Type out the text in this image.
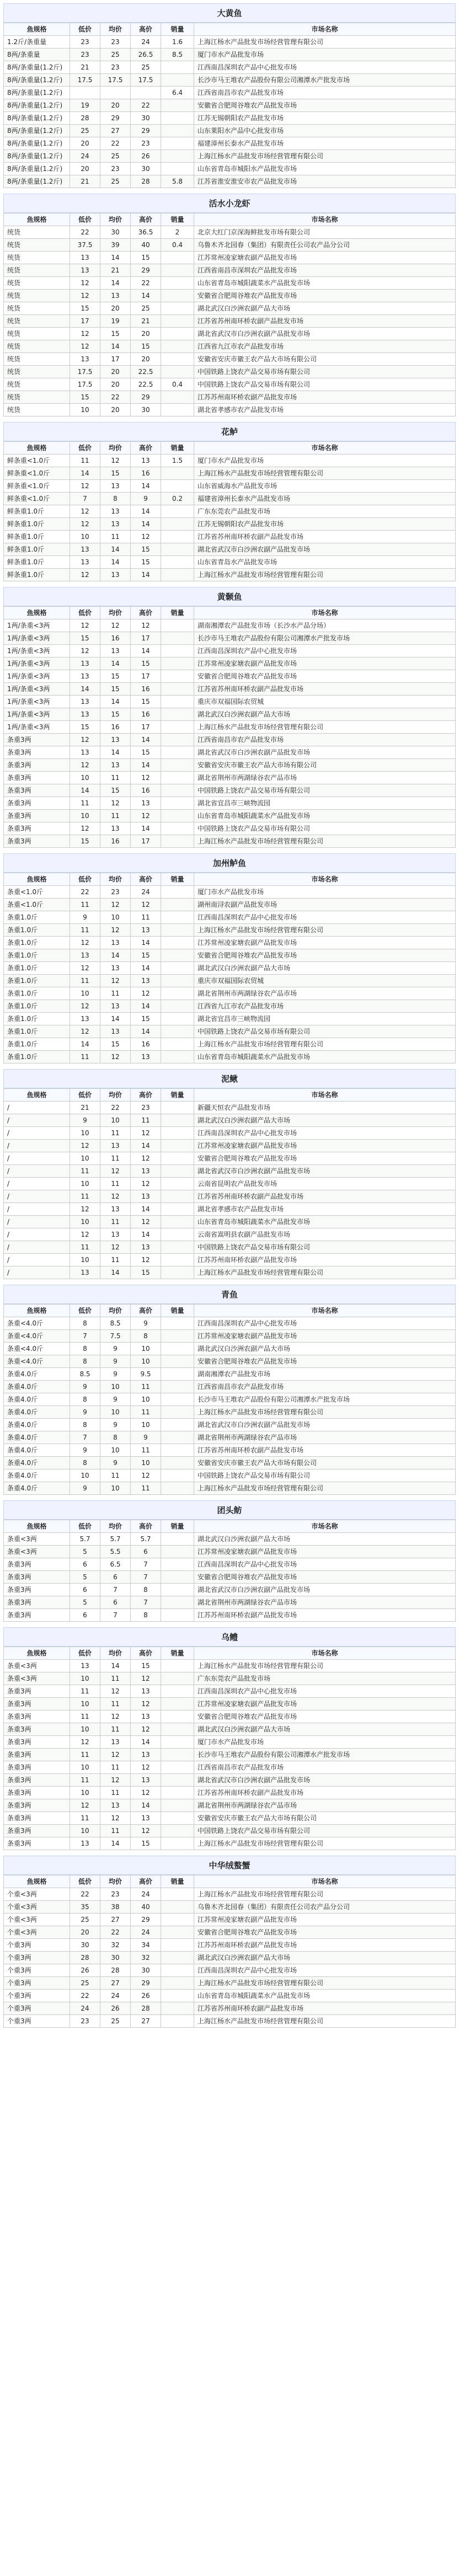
大黄鱼
鱼规格	低价	均价	高价	销量	市场名称
1.2斤/条重量	23	23	24	1.6	上海江杨水产品批发市场经营管理有限公司
8两/条重量	23	25	26.5	8.5	厦门市水产品批发市场
8两/条重量(1.2斤)	21	23	25		江西南昌深圳农产品中心批发市场
8两/条重量(1.2斤)	17.5	17.5	17.5		长沙市马王堆农产品股份有限公司湘潭水产批发市场
8两/条重量(1.2斤)				6.4	江西省南昌市农产品批发市场
8两/条重量(1.2斤)	19	20	22		安徽省合肥周谷堆农产品批发市场
8两/条重量(1.2斤)	28	29	30		江苏无锡朝阳农产品批发市场
8两/条重量(1.2斤)	25	27	29		山东莱阳水产品中心批发市场
8两/条重量(1.2斤)	20	22	23		福建漳州长泰水产品批发市场
8两/条重量(1.2斤)	24	25	26		上海江杨水产品批发市场经营管理有限公司
8两/条重量(1.2斤)	20	23	30		山东省青岛市城阳水产品批发市场
8两/条重量(1.2斤)	21	25	28	5.8	江苏省淮安淮安市农产品批发市场
活水小龙虾
鱼规格	低价	均价	高价	销量	市场名称
统货	22	30	36.5	2	北京大红门京深海鲜批发市场有限公司
统货	37.5	39	40	0.4	乌鲁木齐北园春（集团）有限责任公司农产品分公司
统货	13	14	15		江苏常州凌家塘农副产品批发市场
统货	13	21	29		江西省南昌市深圳农产品批发市场
统货	12	14	22		山东省青岛市城阳蔬菜水产品批发市场
统货	12	13	14		安徽省合肥周谷堆农产品批发市场
统货	15	20	25		湖北武汉白沙洲农副产品大市场
统货	17	19	21		江苏省苏州南环桥农副产品批发市场
统货	12	15	20		湖北省武汉市白沙洲农副产品批发市场
统货	12	14	15		江西省九江市农产品批发市场
统货	13	17	20		安徽省安庆市徽王农产品大市场有限公司
统货	17.5	20	22.5		中国铁路上饶农产品交易市场有限公司
统货	17.5	20	22.5	0.4	中国铁路上饶农产品交易市场有限公司
统货	15	22	29		江苏苏州南环桥农副产品批发市场
统货	10	20	30		湖北省孝感市农产品批发市场
花鲈
鱼规格	低价	均价	高价	销量	市场名称
鲜条重<1.0斤	11	12	13	1.5	厦门市水产品批发市场
鲜条重<1.0斤	14	15	16		上海江杨水产品批发市场经营管理有限公司
鲜条重<1.0斤	12	13	14		山东省威海水产品批发市场
鲜条重<1.0斤	7	8	9	0.2	福建省漳州长泰水产品批发市场
鲜条重1.0斤	12	13	14		广东东莞农产品批发市场
鲜条重1.0斤	12	13	14		江苏无锡朝阳农产品批发市场
鲜条重1.0斤	10	11	12		江苏省苏州南环桥农副产品批发市场
鲜条重1.0斤	13	14	15		湖北省武汉市白沙洲农副产品批发市场
鲜条重1.0斤	13	14	15		山东省青岛水产品批发市场
鲜条重1.0斤	12	13	14		上海江杨水产品批发市场经营管理有限公司
黄颡鱼
鱼规格	低价	均价	高价	销量	市场名称
1两/条重<3两	12	12	12		湖南湘潭农产品批发市场（长沙水产品分场）
1两/条重<3两	15	16	17		长沙市马王堆农产品股份有限公司湘潭水产批发市场
1两/条重<3两	12	13	14		江西南昌深圳农产品中心批发市场
1两/条重<3两	13	14	15		江苏常州凌家塘农副产品批发市场
1两/条重<3两	13	15	17		安徽省合肥周谷堆农产品批发市场
1两/条重<3两	14	15	16		江苏省苏州南环桥农副产品批发市场
1两/条重<3两	13	14	15		重庆市双福国际农贸城
1两/条重<3两	13	15	16		湖北武汉白沙洲农副产品大市场
1两/条重<3两	15	16	17		上海江杨水产品批发市场经营管理有限公司
条重3两	12	13	14		江西省南昌市农产品批发市场
条重3两	13	14	15		湖北省武汉市白沙洲农副产品批发市场
条重3两	12	13	14		安徽省安庆市徽王农产品大市场有限公司
条重3两	10	11	12		湖北省荆州市两湖绿谷农产品市场
条重3两	14	15	16		中国铁路上饶农产品交易市场有限公司
条重3两	11	12	13		湖北省宜昌市三峡物流园
条重3两	10	11	12		山东省青岛市城阳蔬菜水产品批发市场
条重3两	12	13	14		中国铁路上饶农产品交易市场有限公司
条重3两	15	16	17		上海江杨水产品批发市场经营管理有限公司
加州鲈鱼
鱼规格	低价	均价	高价	销量	市场名称
条重<1.0斤	22	23	24		厦门市水产品批发市场
条重<1.0斤	11	12	12		湖州南浔农副产品批发市场
条重1.0斤	9	10	11		江西南昌深圳农产品中心批发市场
条重1.0斤	11	12	13		上海江杨水产品批发市场经营管理有限公司
条重1.0斤	12	13	14		江苏常州凌家塘农副产品批发市场
条重1.0斤	13	14	15		安徽省合肥周谷堆农产品批发市场
条重1.0斤	12	13	14		湖北武汉白沙洲农副产品大市场
条重1.0斤	11	12	13		重庆市双福国际农贸城
条重1.0斤	10	11	12		湖北省荆州市两湖绿谷农产品市场
条重1.0斤	12	13	14		江西省九江市农产品批发市场
条重1.0斤	13	14	15		湖北省宜昌市三峡物流园
条重1.0斤	12	13	14		中国铁路上饶农产品交易市场有限公司
条重1.0斤	14	15	16		上海江杨水产品批发市场经营管理有限公司
条重1.0斤	11	12	13		山东省青岛市城阳蔬菜水产品批发市场
泥鳅
鱼规格	低价	均价	高价	销量	市场名称
/	21	22	23		新疆天恒农产品批发市场
/	9	10	11		湖北武汉白沙洲农副产品大市场
/	10	11	12		江西南昌深圳农产品中心批发市场
/	12	13	14		江苏常州凌家塘农副产品批发市场
/	10	11	12		安徽省合肥周谷堆农产品批发市场
/	11	12	13		湖北省武汉市白沙洲农副产品批发市场
/	10	11	12		云南省昆明农产品批发市场
/	11	12	13		江苏省苏州南环桥农副产品批发市场
/	12	13	14		湖北省孝感市农产品批发市场
/	10	11	12		山东省青岛市城阳蔬菜水产品批发市场
/	12	13	14		云南省嵩明县农副产品批发市场
/	11	12	13		中国铁路上饶农产品交易市场有限公司
/	10	11	12		江苏苏州南环桥农副产品批发市场
/	13	14	15		上海江杨水产品批发市场经营管理有限公司
青鱼
鱼规格	低价	均价	高价	销量	市场名称
条重<4.0斤	8	8.5	9		江西南昌深圳农产品中心批发市场
条重<4.0斤	7	7.5	8		江苏常州凌家塘农副产品批发市场
条重<4.0斤	8	9	10		湖北武汉白沙洲农副产品大市场
条重<4.0斤	8	9	10		安徽省合肥周谷堆农产品批发市场
条重4.0斤	8.5	9	9.5		湖南湘潭农产品批发市场
条重4.0斤	9	10	11		江西省南昌市农产品批发市场
条重4.0斤	8	9	10		长沙市马王堆农产品股份有限公司湘潭水产批发市场
条重4.0斤	9	10	11		上海江杨水产品批发市场经营管理有限公司
条重4.0斤	8	9	10		湖北省武汉市白沙洲农副产品批发市场
条重4.0斤	7	8	9		湖北省荆州市两湖绿谷农产品市场
条重4.0斤	9	10	11		江苏省苏州南环桥农副产品批发市场
条重4.0斤	8	9	10		安徽省安庆市徽王农产品大市场有限公司
条重4.0斤	10	11	12		中国铁路上饶农产品交易市场有限公司
条重4.0斤	9	10	11		上海江杨水产品批发市场经营管理有限公司
团头鲂
鱼规格	低价	均价	高价	销量	市场名称
条重<3两	5.7	5.7	5.7		湖北武汉白沙洲农副产品大市场
条重<3两	5	5.5	6		江苏常州凌家塘农副产品批发市场
条重3两	6	6.5	7		江西南昌深圳农产品中心批发市场
条重3两	5	6	7		安徽省合肥周谷堆农产品批发市场
条重3两	6	7	8		湖北省武汉市白沙洲农副产品批发市场
条重3两	5	6	7		湖北省荆州市两湖绿谷农产品市场
条重3两	6	7	8		江苏苏州南环桥农副产品批发市场
乌鳢
鱼规格	低价	均价	高价	销量	市场名称
条重<3两	13	14	15		上海江杨水产品批发市场经营管理有限公司
条重<3两	10	11	12		广东东莞农产品批发市场
条重3两	11	12	13		江西南昌深圳农产品中心批发市场
条重3两	10	11	12		江苏常州凌家塘农副产品批发市场
条重3两	11	12	13		安徽省合肥周谷堆农产品批发市场
条重3两	10	11	12		湖北武汉白沙洲农副产品大市场
条重3两	12	13	14		厦门市水产品批发市场
条重3两	11	12	13		长沙市马王堆农产品股份有限公司湘潭水产批发市场
条重3两	10	11	12		江西省南昌市农产品批发市场
条重3两	11	12	13		湖北省武汉市白沙洲农副产品批发市场
条重3两	10	11	12		江苏省苏州南环桥农副产品批发市场
条重3两	12	13	14		湖北省荆州市两湖绿谷农产品市场
条重3两	11	12	13		安徽省安庆市徽王农产品大市场有限公司
条重3两	10	11	12		中国铁路上饶农产品交易市场有限公司
条重3两	13	14	15		上海江杨水产品批发市场经营管理有限公司
中华绒螯蟹
鱼规格	低价	均价	高价	销量	市场名称
个重<3两	22	23	24		上海江杨水产品批发市场经营管理有限公司
个重<3两	35	38	40		乌鲁木齐北园春（集团）有限责任公司农产品分公司
个重<3两	25	27	29		江苏常州凌家塘农副产品批发市场
个重<3两	20	22	24		安徽省合肥周谷堆农产品批发市场
个重3两	30	32	34		江苏苏州南环桥农副产品批发市场
个重3两	28	30	32		湖北武汉白沙洲农副产品大市场
个重3两	26	28	30		江西南昌深圳农产品中心批发市场
个重3两	25	27	29		上海江杨水产品批发市场经营管理有限公司
个重3两	22	24	26		山东省青岛市城阳蔬菜水产品批发市场
个重3两	24	26	28		江苏省苏州南环桥农副产品批发市场
个重3两	23	25	27		上海江杨水产品批发市场经营管理有限公司
